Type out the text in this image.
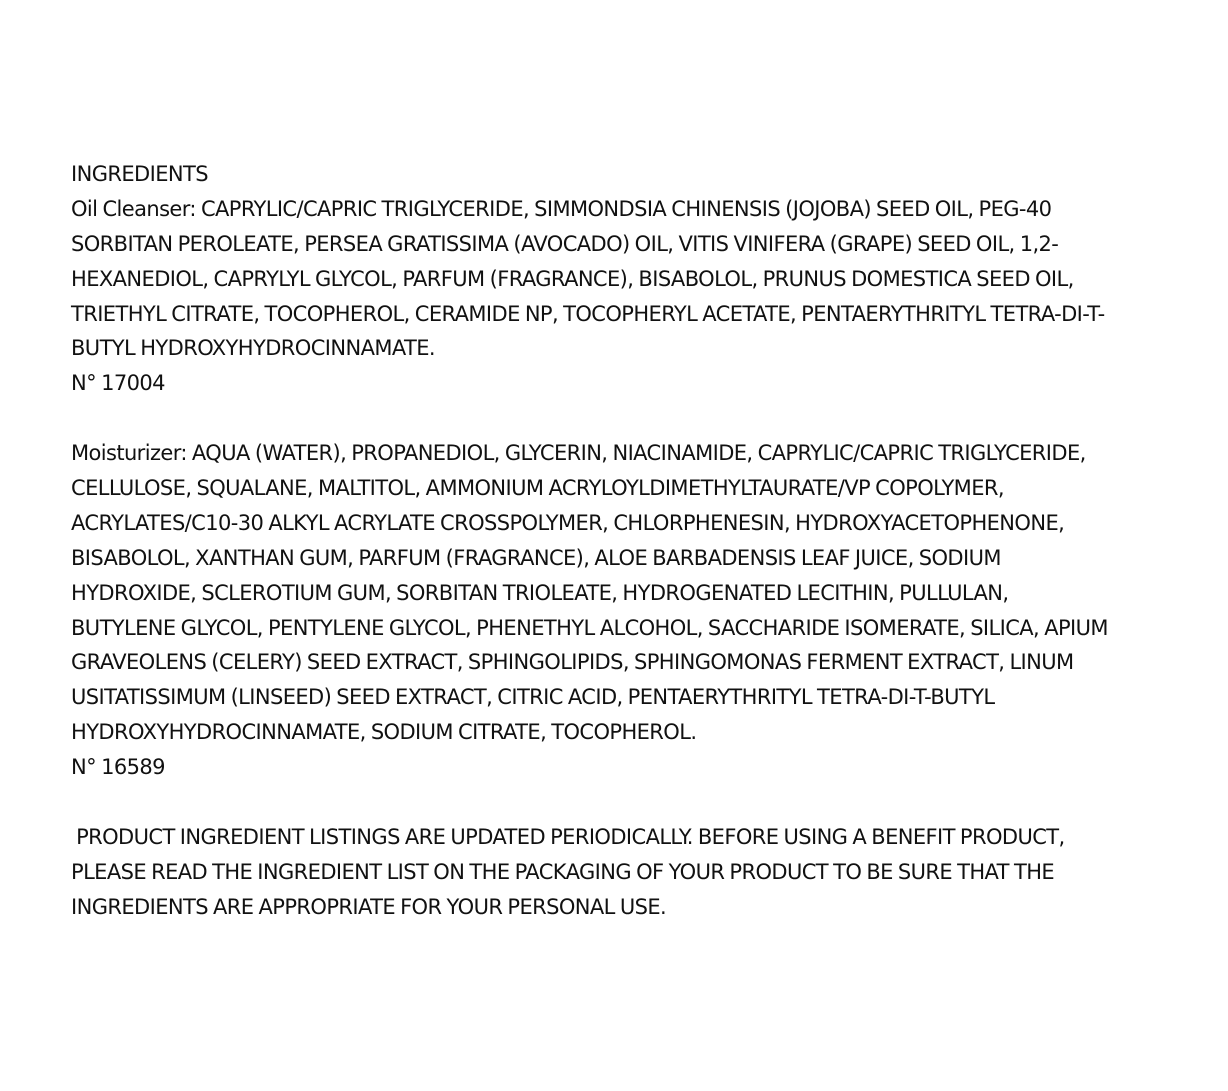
INGREDIENTS
Oil Cleanser: CAPRYLIC/CAPRIC TRIGLYCERIDE, SIMMONDSIA CHINENSIS (JOJOBA) SEED OIL, PEG-40
SORBITAN PEROLEATE, PERSEA GRATISSIMA (AVOCADO) OIL, VITIS VINIFERA (GRAPE) SEED OIL, 1,2-
HEXANEDIOL, CAPRYLYL GLYCOL, PARFUM (FRAGRANCE), BISABOLOL, PRUNUS DOMESTICA SEED OIL,
TRIETHYL CITRATE, TOCOPHEROL, CERAMIDE NP, TOCOPHERYL ACETATE, PENTAERYTHRITYL TETRA-DI-T-
BUTYL HYDROXYHYDROCINNAMATE.
N° 17004
Moisturizer: AQUA (WATER), PROPANEDIOL, GLYCERIN, NIACINAMIDE, CAPRYLIC/CAPRIC TRIGLYCERIDE,
CELLULOSE, SQUALANE, MALTITOL, AMMONIUM ACRYLOYLDIMETHYLTAURATE/VP COPOLYMER,
ACRYLATES/C10-30 ALKYL ACRYLATE CROSSPOLYMER, CHLORPHENESIN, HYDROXYACETOPHENONE,
BISABOLOL, XANTHAN GUM, PARFUM (FRAGRANCE), ALOE BARBADENSIS LEAF JUICE, SODIUM
HYDROXIDE, SCLEROTIUM GUM, SORBITAN TRIOLEATE, HYDROGENATED LECITHIN, PULLULAN,
BUTYLENE GLYCOL, PENTYLENE GLYCOL, PHENETHYL ALCOHOL, SACCHARIDE ISOMERATE, SILICA, APIUM
GRAVEOLENS (CELERY) SEED EXTRACT, SPHINGOLIPIDS, SPHINGOMONAS FERMENT EXTRACT, LINUM
USITATISSIMUM (LINSEED) SEED EXTRACT, CITRIC ACID, PENTAERYTHRITYL TETRA-DI-T-BUTYL
HYDROXYHYDROCINNAMATE, SODIUM CITRATE, TOCOPHEROL.
N° 16589
PRODUCT INGREDIENT LISTINGS ARE UPDATED PERIODICALLY. BEFORE USING A BENEFIT PRODUCT,
PLEASE READ THE INGREDIENT LIST ON THE PACKAGING OF YOUR PRODUCT TO BE SURE THAT THE
INGREDIENTS ARE APPROPRIATE FOR YOUR PERSONAL USE.
